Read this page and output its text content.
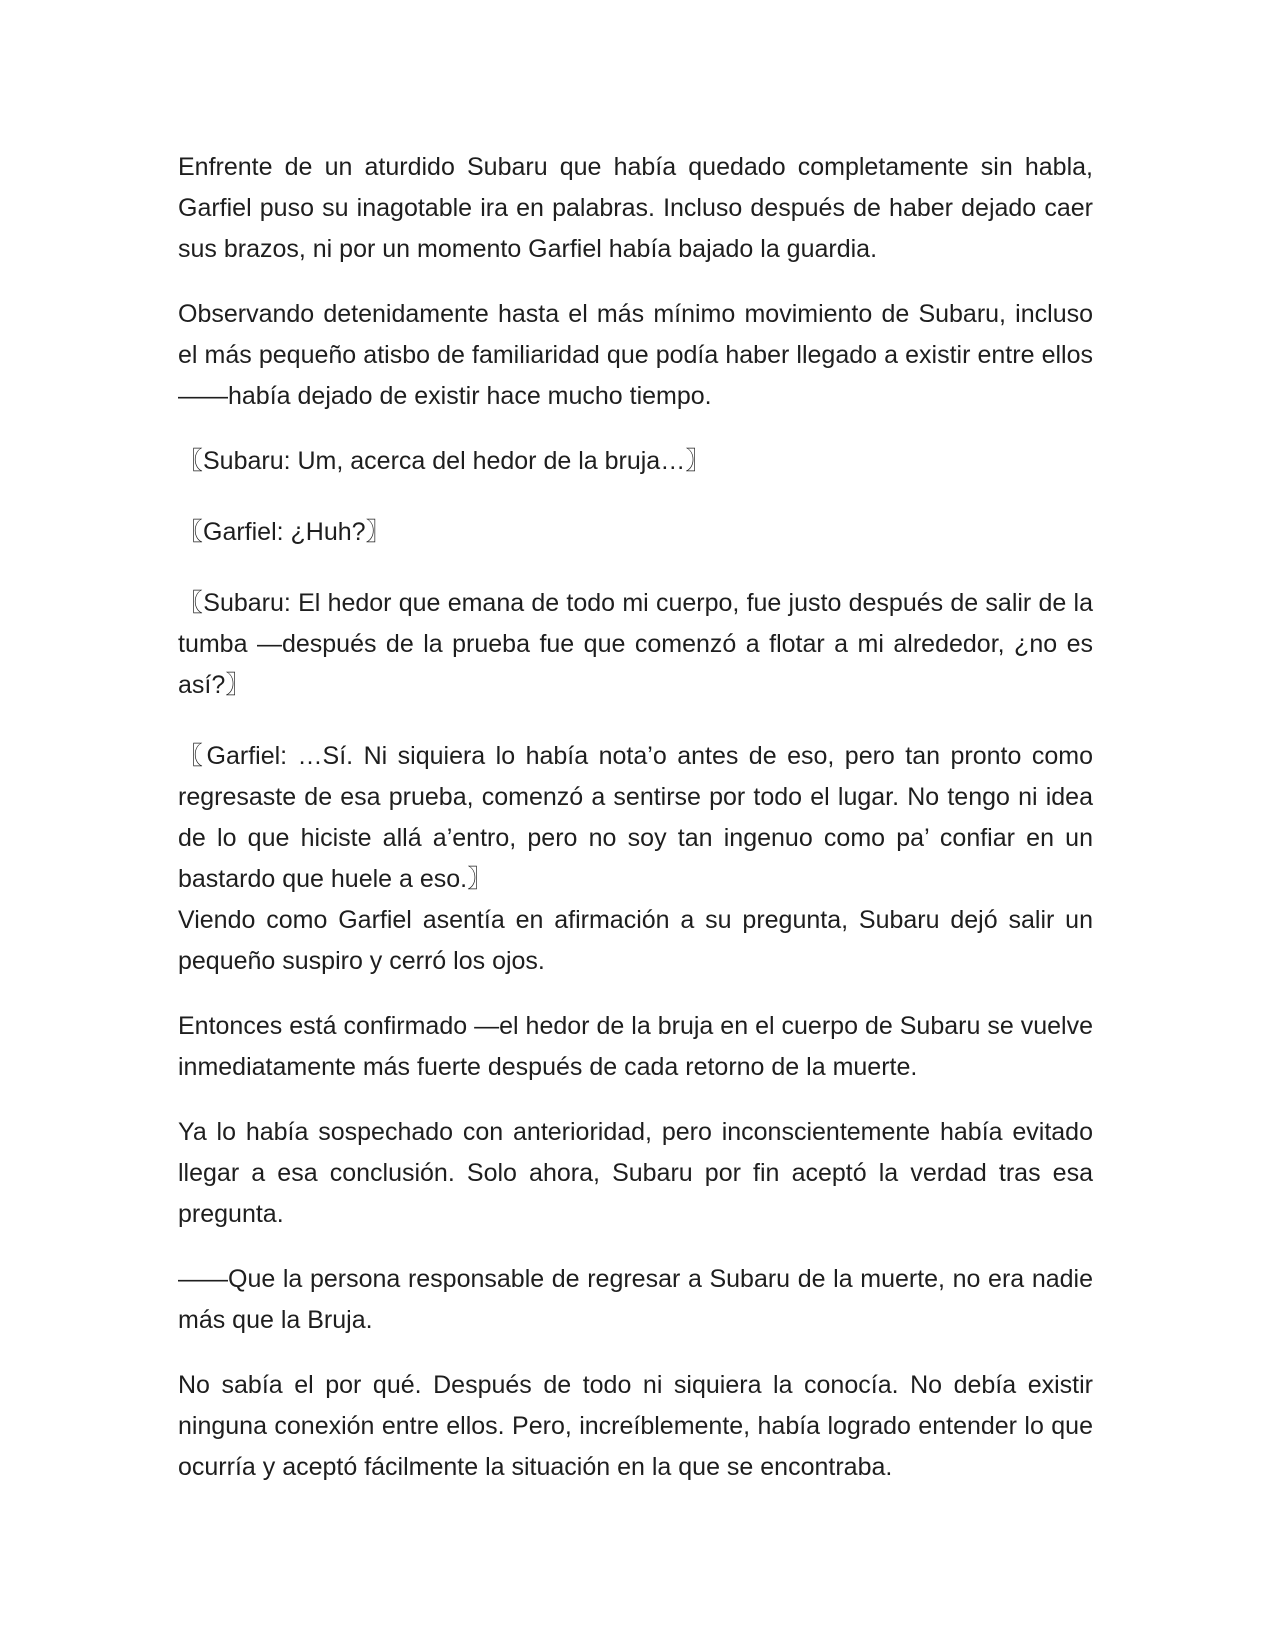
Enfrente de un aturdido Subaru que había quedado completamente sin habla, Garfiel puso su inagotable ira en palabras. Incluso después de haber dejado caer sus brazos, ni por un momento Garfiel había bajado la guardia.

Observando detenidamente hasta el más mínimo movimiento de Subaru, incluso el más pequeño atisbo de familiaridad que podía haber llegado a existir entre ellos——había dejado de existir hace mucho tiempo.

〖Subaru: Um, acerca del hedor de la bruja…〗

〖Garfiel: ¿Huh?〗

〖Subaru: El hedor que emana de todo mi cuerpo, fue justo después de salir de la tumba —después de la prueba fue que comenzó a flotar a mi alrededor, ¿no es así?〗

〖Garfiel: …Sí. Ni siquiera lo había nota’o antes de eso, pero tan pronto como regresaste de esa prueba, comenzó a sentirse por todo el lugar. No tengo ni idea de lo que hiciste allá a’entro, pero no soy tan ingenuo como pa’ confiar en un bastardo que huele a eso.〗

Viendo como Garfiel asentía en afirmación a su pregunta, Subaru dejó salir un pequeño suspiro y cerró los ojos.

Entonces está confirmado —el hedor de la bruja en el cuerpo de Subaru se vuelve inmediatamente más fuerte después de cada retorno de la muerte.

Ya lo había sospechado con anterioridad, pero inconscientemente había evitado llegar a esa conclusión. Solo ahora, Subaru por fin aceptó la verdad tras esa pregunta.

——Que la persona responsable de regresar a Subaru de la muerte, no era nadie más que la Bruja.

No sabía el por qué. Después de todo ni siquiera la conocía. No debía existir ninguna conexión entre ellos. Pero, increíblemente, había logrado entender lo que ocurría y aceptó fácilmente la situación en la que se encontraba.
